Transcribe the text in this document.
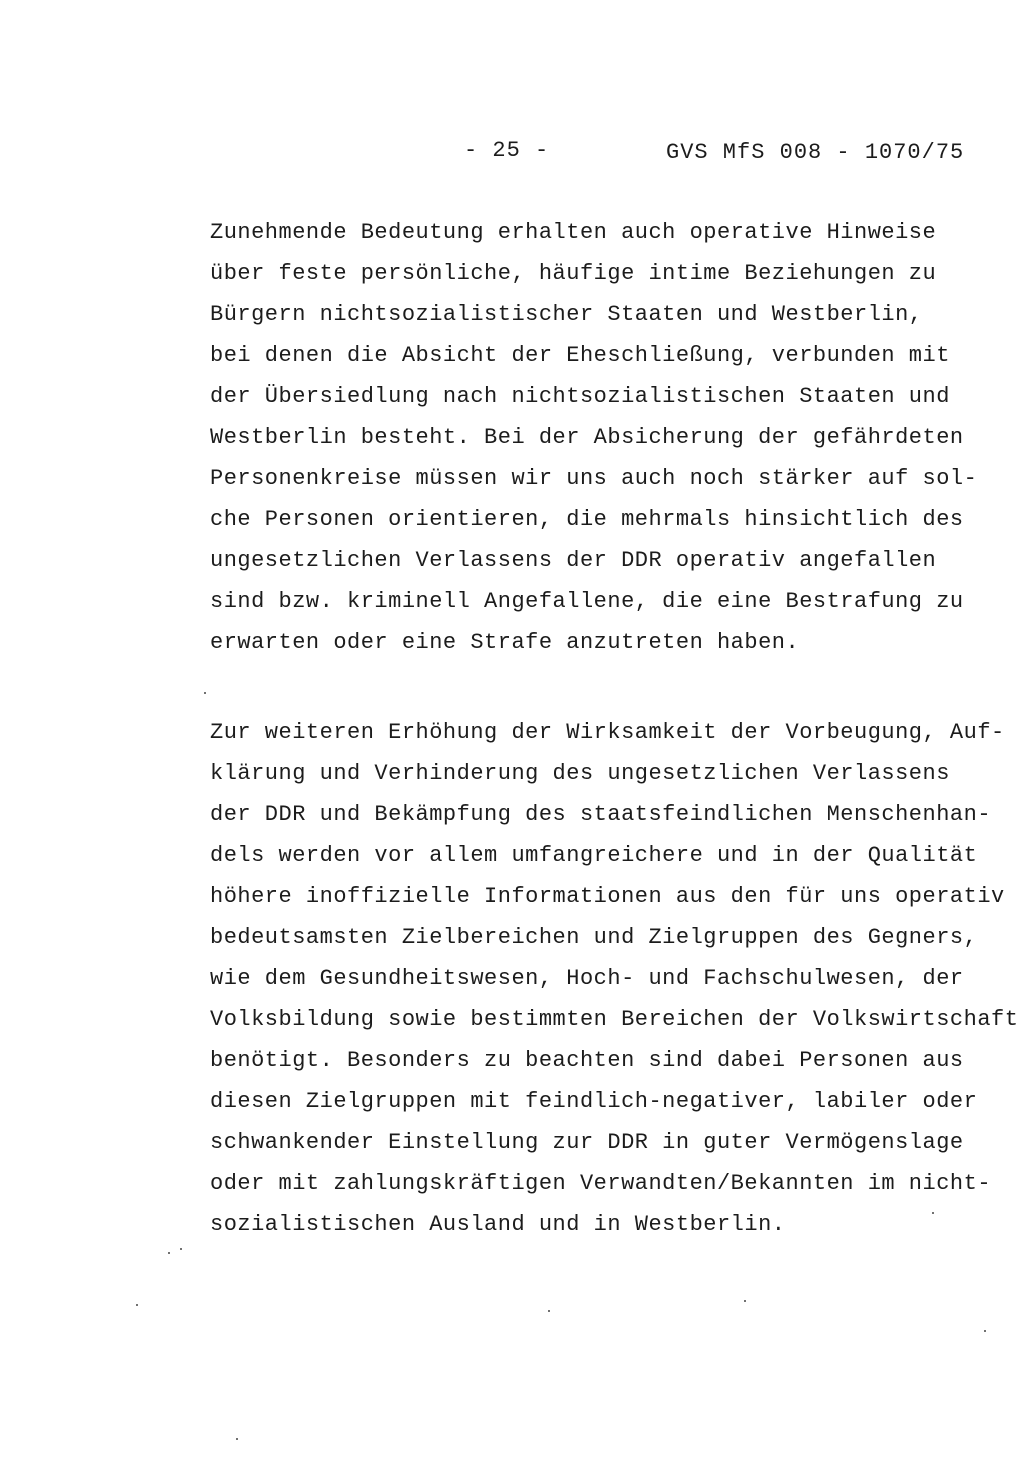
- 25 -	GVS MfS 008 - 1070/75
Zunehmende Bedeutung erhalten auch operative Hinweise
über feste persönliche, häufige intime Beziehungen zu
Bürgern nichtsozialistischer Staaten und Westberlin,
bei denen die Absicht der Eheschließung, verbunden mit
der Übersiedlung nach nichtsozialistischen Staaten und
Westberlin besteht. Bei der Absicherung der gefährdeten
Personenkreise müssen wir uns auch noch stärker auf sol-
che Personen orientieren, die mehrmals hinsichtlich des
ungesetzlichen Verlassens der DDR operativ angefallen
sind bzw. kriminell Angefallene, die eine Bestrafung zu
erwarten oder eine Strafe anzutreten haben.
Zur weiteren Erhöhung der Wirksamkeit der Vorbeugung, Auf-
klärung und Verhinderung des ungesetzlichen Verlassens
der DDR und Bekämpfung des staatsfeindlichen Menschenhan-
dels werden vor allem umfangreichere und in der Qualität
höhere inoffizielle Informationen aus den für uns operativ
bedeutsamsten Zielbereichen und Zielgruppen des Gegners,
wie dem Gesundheitswesen, Hoch- und Fachschulwesen, der
Volksbildung sowie bestimmten Bereichen der Volkswirtschaft
benötigt. Besonders zu beachten sind dabei Personen aus
diesen Zielgruppen mit feindlich-negativer, labiler oder
schwankender Einstellung zur DDR in guter Vermögenslage
oder mit zahlungskräftigen Verwandten/Bekannten im nicht-
sozialistischen Ausland und in Westberlin.
